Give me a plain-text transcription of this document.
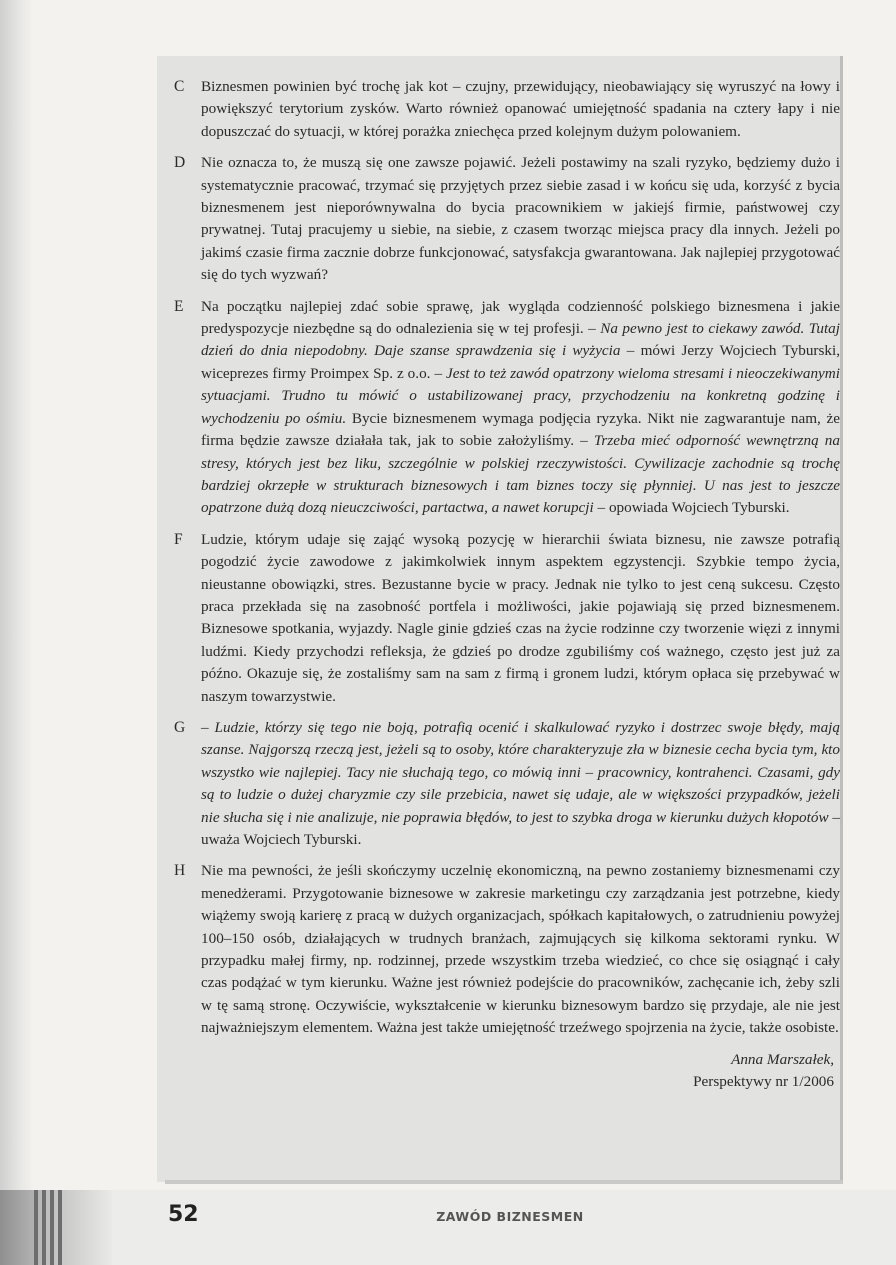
C Biznesmen powinien być trochę jak kot – czujny, przewidujący, nieobawiający się wyruszyć na łowy i powiększyć terytorium zysków. Warto również opanować umiejętność spadania na cztery łapy i nie dopuszczać do sytuacji, w której porażka zniechęca przed kolejnym dużym polowaniem.
D Nie oznacza to, że muszą się one zawsze pojawić. Jeżeli postawimy na szali ryzyko, będziemy dużo i systematycznie pracować, trzymać się przyjętych przez siebie zasad i w końcu się uda, korzyść z bycia biznesmenem jest nieporównywalna do bycia pracownikiem w jakiejś firmie, państwowej czy prywatnej. Tutaj pracujemy u siebie, na siebie, z czasem tworząc miejsca pracy dla innych. Jeżeli po jakimś czasie firma zacznie dobrze funkcjonować, satysfakcja gwarantowana. Jak najlepiej przygotować się do tych wyzwań?
E Na początku najlepiej zdać sobie sprawę, jak wygląda codzienność polskiego biznesmena i jakie predyspozycje niezbędne są do odnalezienia się w tej profesji. – Na pewno jest to ciekawy zawód. Tutaj dzień do dnia niepodobny. Daje szanse sprawdzenia się i wyżycia – mówi Jerzy Wojciech Tyburski, wiceprezes firmy Proimpex Sp. z o.o. – Jest to też zawód opatrzony wieloma stresami i nieoczekiwanymi sytuacjami. Trudno tu mówić o ustabilizowanej pracy, przychodzeniu na konkretną godzinę i wychodzeniu po ośmiu. Bycie biznesmenem wymaga podjęcia ryzyka. Nikt nie zagwarantuje nam, że firma będzie zawsze działała tak, jak to sobie założyliśmy. – Trzeba mieć odporność wewnętrzną na stresy, których jest bez liku, szczególnie w polskiej rzeczywistości. Cywilizacje zachodnie są trochę bardziej okrzepłe w strukturach biznesowych i tam biznes toczy się płynniej. U nas jest to jeszcze opatrzone dużą dozą nieuczciwości, partactwa, a nawet korupcji – opowiada Wojciech Tyburski.
F Ludzie, którym udaje się zająć wysoką pozycję w hierarchii świata biznesu, nie zawsze potrafią pogodzić życie zawodowe z jakimkolwiek innym aspektem egzystencji. Szybkie tempo życia, nieustanne obowiązki, stres. Bezustanne bycie w pracy. Jednak nie tylko to jest ceną sukcesu. Często praca przekłada się na zasobność portfela i możliwości, jakie pojawiają się przed biznesmenem. Biznesowe spotkania, wyjazdy. Nagle ginie gdzieś czas na życie rodzinne czy tworzenie więzi z innymi ludźmi. Kiedy przychodzi refleksja, że gdzieś po drodze zgubiliśmy coś ważnego, często jest już za późno. Okazuje się, że zostaliśmy sam na sam z firmą i gronem ludzi, którym opłaca się przebywać w naszym towarzystwie.
G – Ludzie, którzy się tego nie boją, potrafią ocenić i skalkulować ryzyko i dostrzec swoje błędy, mają szanse. Najgorszą rzeczą jest, jeżeli są to osoby, które charakteryzuje zła w biznesie cecha bycia tym, kto wszystko wie najlepiej. Tacy nie słuchają tego, co mówią inni – pracownicy, kontrahenci. Czasami, gdy są to ludzie o dużej charyzmie czy sile przebicia, nawet się udaje, ale w większości przypadków, jeżeli nie słucha się i nie analizuje, nie poprawia błędów, to jest to szybka droga w kierunku dużych kłopotów – uważa Wojciech Tyburski.
H Nie ma pewności, że jeśli skończymy uczelnię ekonomiczną, na pewno zostaniemy biznesmenami czy menedżerami. Przygotowanie biznesowe w zakresie marketingu czy zarządzania jest potrzebne, kiedy wiążemy swoją karierę z pracą w dużych organizacjach, spółkach kapitałowych, o zatrudnieniu powyżej 100–150 osób, działających w trudnych branżach, zajmujących się kilkoma sektorami rynku. W przypadku małej firmy, np. rodzinnej, przede wszystkim trzeba wiedzieć, co chce się osiągnąć i cały czas podążać w tym kierunku. Ważne jest również podejście do pracowników, zachęcanie ich, żeby szli w tę samą stronę. Oczywiście, wykształcenie w kierunku biznesowym bardzo się przydaje, ale nie jest najważniejszym elementem. Ważna jest także umiejętność trzeźwego spojrzenia na życie, także osobiste.
Anna Marszałek,
Perspektywy nr 1/2006
52	ZAWÓD BIZNESMEN
